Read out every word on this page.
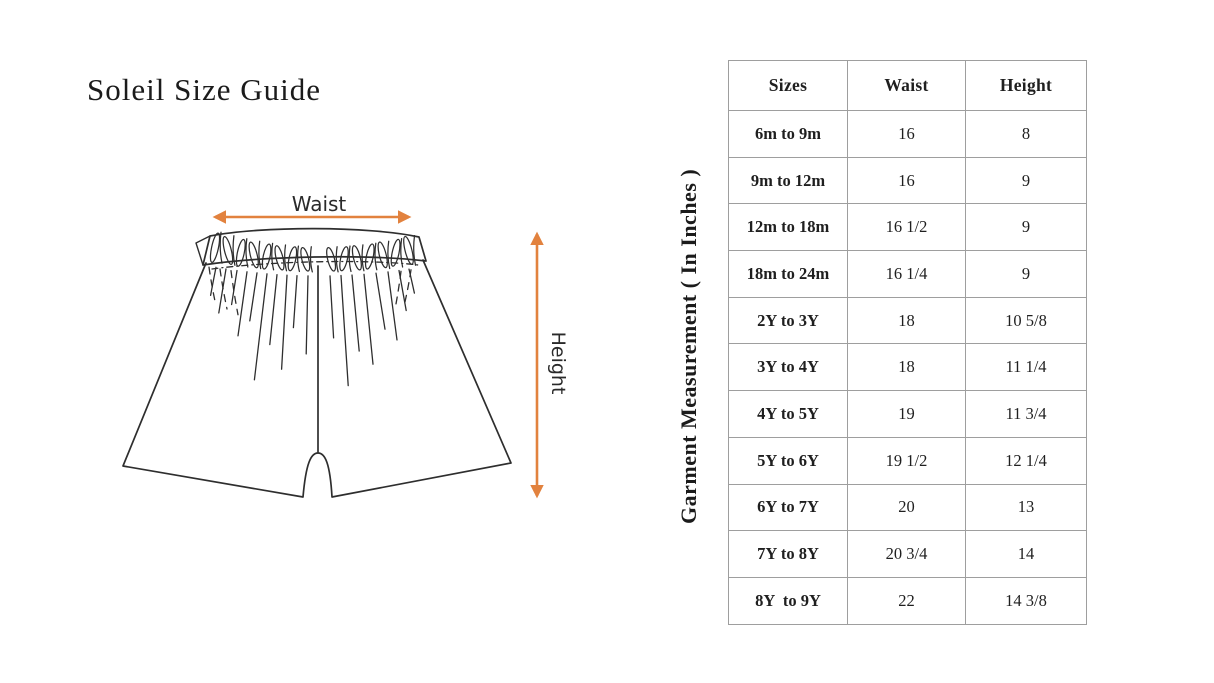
Soleil Size Guide
Waist
Height	Garment Measurement ( In Inches )
Sizes	Waist	Height
6m to 9m	16	8
9m to 12m	16	9
12m to 18m	16 1/2	9
18m to 24m	16 1/4	9
2Y to 3Y	18	10 5/8
3Y to 4Y	18	11 1/4
4Y to 5Y	19	11 3/4
5Y to 6Y	19 1/2	12 1/4
6Y to 7Y	20	13
7Y to 8Y	20 3/4	14
8Y  to 9Y	22	14 3/8
